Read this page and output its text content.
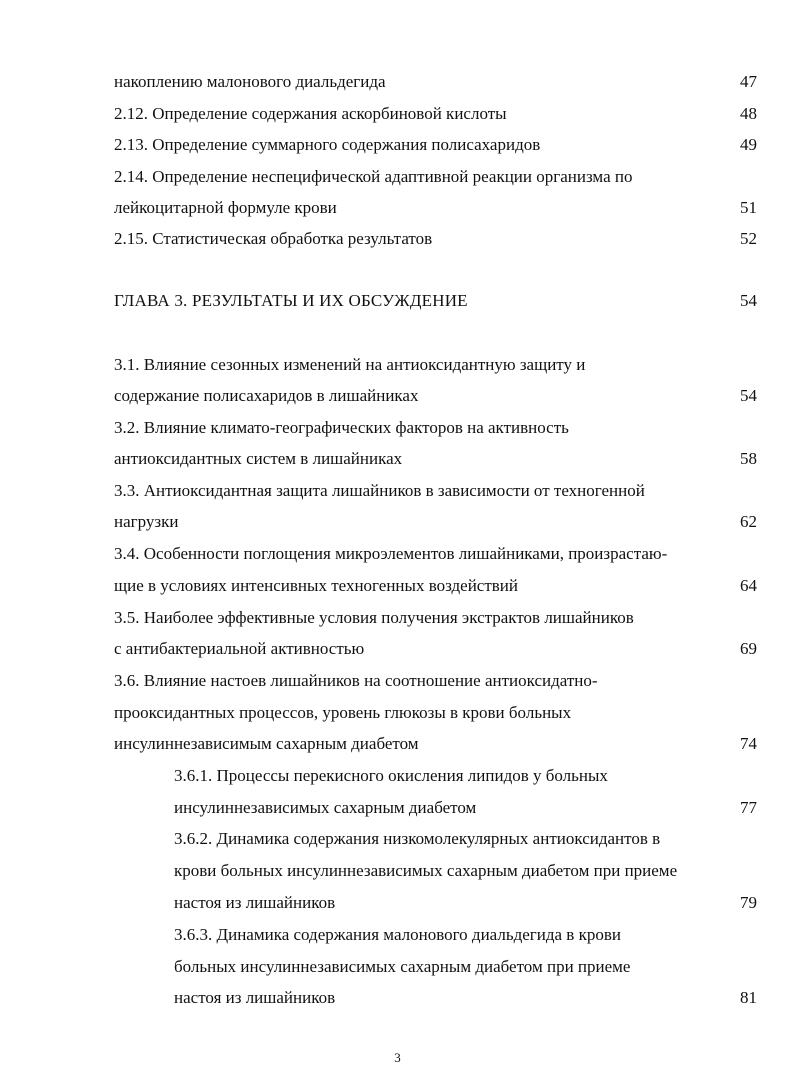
накоплению малонового диальдегида	47
2.12. Определение содержания аскорбиновой кислоты	48
2.13. Определение суммарного содержания полисахаридов	49
2.14. Определение неспецифической адаптивной реакции организма по
лейкоцитарной формуле крови	51
2.15. Статистическая обработка результатов	52
ГЛАВА 3. РЕЗУЛЬТАТЫ И ИХ ОБСУЖДЕНИЕ	54
3.1. Влияние сезонных изменений на антиоксидантную защиту и
содержание полисахаридов в лишайниках	54
3.2. Влияние климато-географических факторов на активность
антиоксидантных систем в лишайниках	58
3.3. Антиоксидантная защита лишайников в зависимости от техногенной
нагрузки	62
3.4. Особенности поглощения микроэлементов лишайниками, произрастаю-
щие в условиях интенсивных техногенных воздействий	64
3.5. Наиболее эффективные условия получения экстрактов лишайников
с антибактериальной активностью	69
3.6. Влияние настоев лишайников на соотношение антиоксидатно-
прооксидантных процессов, уровень глюкозы в крови больных
инсулиннезависимым сахарным диабетом	74
3.6.1. Процессы перекисного окисления липидов у больных
инсулиннезависимых сахарным диабетом	77
3.6.2. Динамика содержания низкомолекулярных антиоксидантов в
крови больных инсулиннезависимых сахарным диабетом при приеме
настоя из лишайников	79
3.6.3. Динамика содержания малонового диальдегида в крови
больных инсулиннезависимых сахарным диабетом при приеме
настоя из лишайников	81
3
